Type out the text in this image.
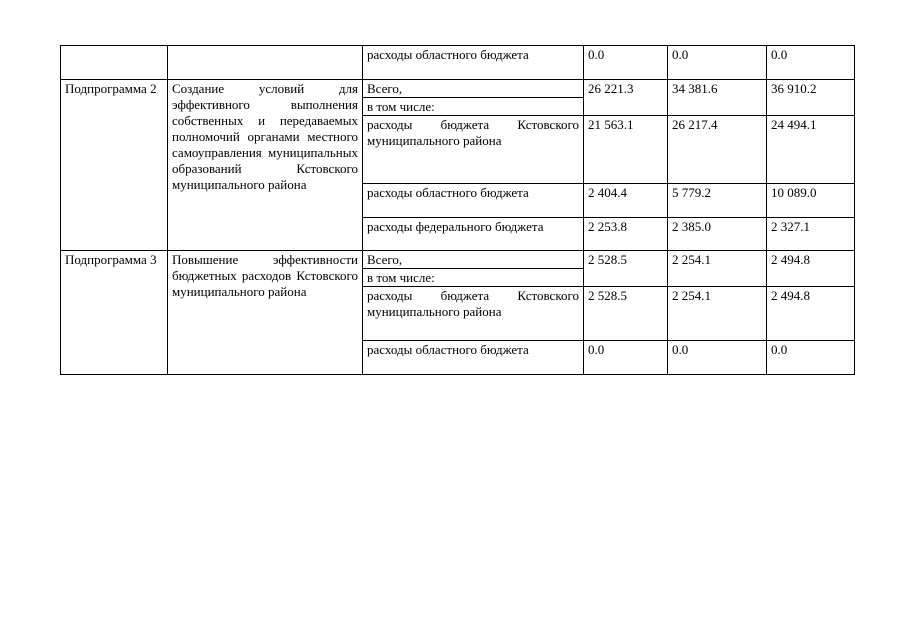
		расходы областного бюджета	0.0	0.0	0.0
Подпрограмма 2	Создание условий для эффективного выполнения собственных и передаваемых полномочий органами местного самоуправления муниципальных образований Кстовского муниципального района	Всего,	26 221.3	34 381.6	36 910.2
		в том числе:			
		расходы бюджета Кстовского муниципального района	21 563.1	26 217.4	24 494.1
		расходы областного бюджета	2 404.4	5 779.2	10 089.0
		расходы федерального бюджета	2 253.8	2 385.0	2 327.1
Подпрограмма 3	Повышение эффективности бюджетных расходов Кстовского муниципального района	Всего,	2 528.5	2 254.1	2 494.8
		в том числе:			
		расходы бюджета Кстовского муниципального района	2 528.5	2 254.1	2 494.8
		расходы областного бюджета	0.0	0.0	0.0
